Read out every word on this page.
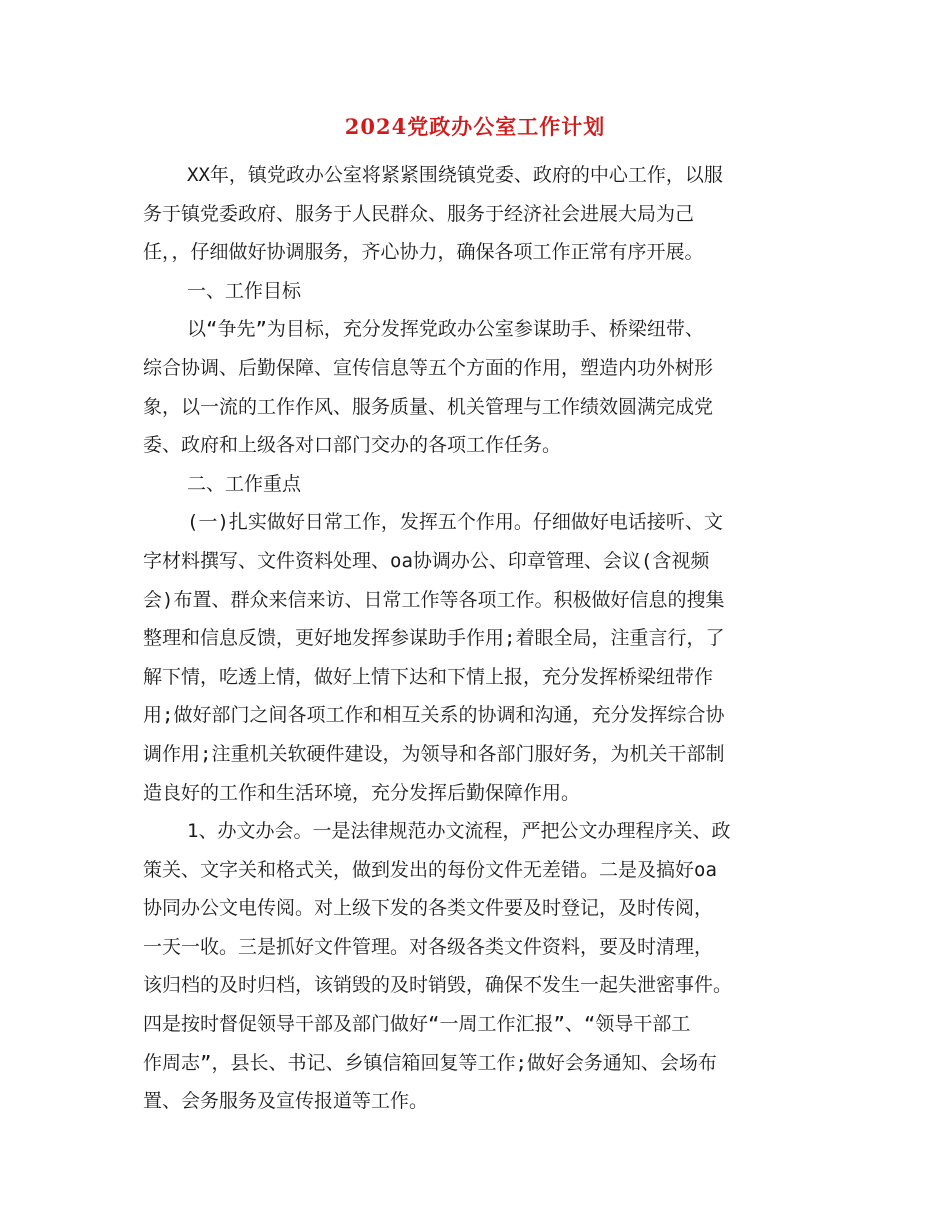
2024党政办公室工作计划
XX年，镇党政办公室将紧紧围绕镇党委、政府的中心工作，以服
务于镇党委政府、服务于人民群众、服务于经济社会进展大局为己
任，，仔细做好协调服务，齐心协力，确保各项工作正常有序开展。
一、工作目标
以“争先”为目标，充分发挥党政办公室参谋助手、桥梁纽带、
综合协调、后勤保障、宣传信息等五个方面的作用，塑造内功外树形
象，以一流的工作作风、服务质量、机关管理与工作绩效圆满完成党
委、政府和上级各对口部门交办的各项工作任务。
二、工作重点
(一)扎实做好日常工作，发挥五个作用。仔细做好电话接听、文
字材料撰写、文件资料处理、oa协调办公、印章管理、会议(含视频
会)布置、群众来信来访、日常工作等各项工作。积极做好信息的搜集
整理和信息反馈，更好地发挥参谋助手作用;着眼全局，注重言行，了
解下情，吃透上情，做好上情下达和下情上报，充分发挥桥梁纽带作
用;做好部门之间各项工作和相互关系的协调和沟通，充分发挥综合协
调作用;注重机关软硬件建设，为领导和各部门服好务，为机关干部制
造良好的工作和生活环境，充分发挥后勤保障作用。
1、办文办会。一是法律规范办文流程，严把公文办理程序关、政
策关、文字关和格式关，做到发出的每份文件无差错。二是及搞好oa
协同办公文电传阅。对上级下发的各类文件要及时登记，及时传阅，
一天一收。三是抓好文件管理。对各级各类文件资料，要及时清理，
该归档的及时归档，该销毁的及时销毁，确保不发生一起失泄密事件。
四是按时督促领导干部及部门做好“一周工作汇报”、“领导干部工
作周志”，县长、书记、乡镇信箱回复等工作;做好会务通知、会场布
置、会务服务及宣传报道等工作。
